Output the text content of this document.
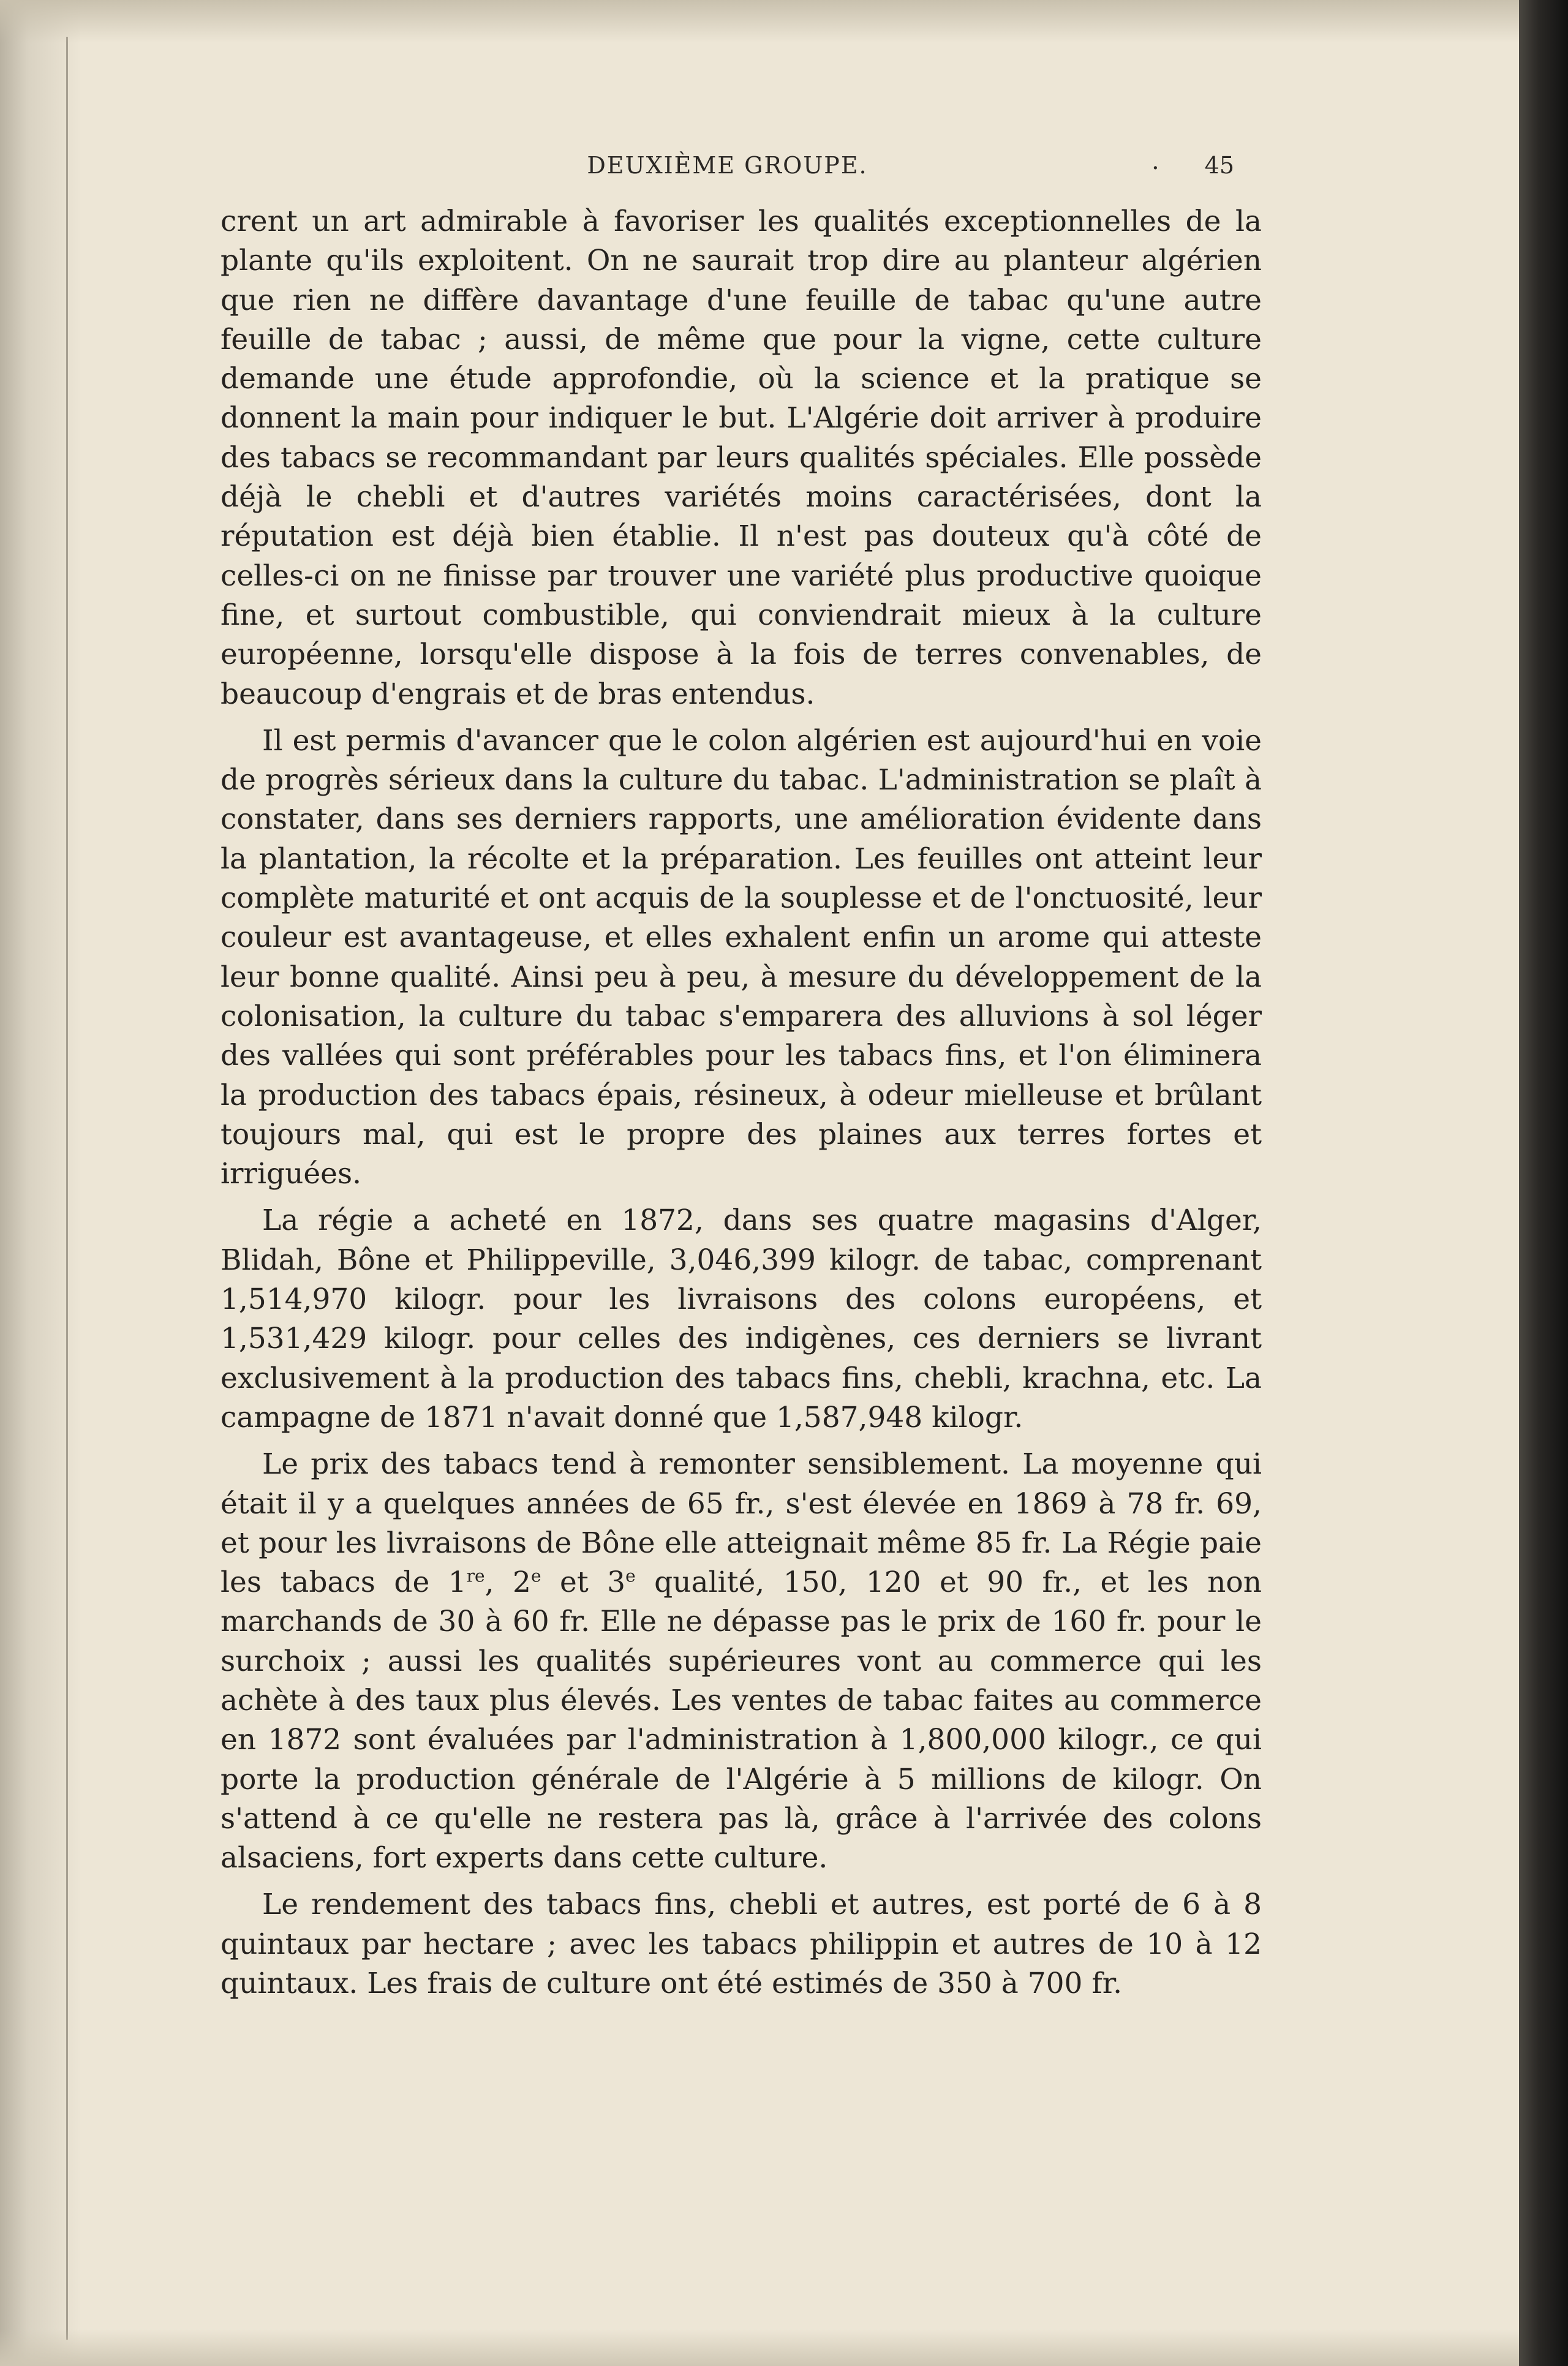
DEUXIÈME GROUPE.	. 45

crent un art admirable à favoriser les qualités exceptionnelles de la plante qu'ils exploitent. On ne saurait trop dire au planteur algérien que rien ne diffère davantage d'une feuille de tabac qu'une autre feuille de tabac ; aussi, de même que pour la vigne, cette culture demande une étude approfondie, où la science et la pratique se donnent la main pour indiquer le but. L'Algérie doit arriver à produire des tabacs se recommandant par leurs qualités spéciales. Elle possède déjà le chebli et d'autres variétés moins caractérisées, dont la réputation est déjà bien établie. Il n'est pas douteux qu'à côté de celles-ci on ne finisse par trouver une variété plus productive quoique fine, et surtout combustible, qui conviendrait mieux à la culture européenne, lorsqu'elle dispose à la fois de terres convenables, de beaucoup d'engrais et de bras entendus.

Il est permis d'avancer que le colon algérien est aujourd'hui en voie de progrès sérieux dans la culture du tabac. L'administration se plaît à constater, dans ses derniers rapports, une amélioration évidente dans la plantation, la récolte et la préparation. Les feuilles ont atteint leur complète maturité et ont acquis de la souplesse et de l'onctuosité, leur couleur est avantageuse, et elles exhalent enfin un arome qui atteste leur bonne qualité. Ainsi peu à peu, à mesure du développement de la colonisation, la culture du tabac s'emparera des alluvions à sol léger des vallées qui sont préférables pour les tabacs fins, et l'on éliminera la production des tabacs épais, résineux, à odeur mielleuse et brûlant toujours mal, qui est le propre des plaines aux terres fortes et irriguées.

La régie a acheté en 1872, dans ses quatre magasins d'Alger, Blidah, Bône et Philippeville, 3,046,399 kilogr. de tabac, comprenant 1,514,970 kilogr. pour les livraisons des colons européens, et 1,531,429 kilogr. pour celles des indigènes, ces derniers se livrant exclusivement à la production des tabacs fins, chebli, krachna, etc. La campagne de 1871 n'avait donné que 1,587,948 kilogr.

Le prix des tabacs tend à remonter sensiblement. La moyenne qui était il y a quelques années de 65 fr., s'est élevée en 1869 à 78 fr. 69, et pour les livraisons de Bône elle atteignait même 85 fr. La Régie paie les tabacs de 1re, 2e et 3e qualité, 150, 120 et 90 fr., et les non marchands de 30 à 60 fr. Elle ne dépasse pas le prix de 160 fr. pour le surchoix ; aussi les qualités supérieures vont au commerce qui les achète à des taux plus élevés. Les ventes de tabac faites au commerce en 1872 sont évaluées par l'administration à 1,800,000 kilogr., ce qui porte la production générale de l'Algérie à 5 millions de kilogr. On s'attend à ce qu'elle ne restera pas là, grâce à l'arrivée des colons alsaciens, fort experts dans cette culture.

Le rendement des tabacs fins, chebli et autres, est porté de 6 à 8 quintaux par hectare ; avec les tabacs philippin et autres de 10 à 12 quintaux. Les frais de culture ont été estimés de 350 à 700 fr.
